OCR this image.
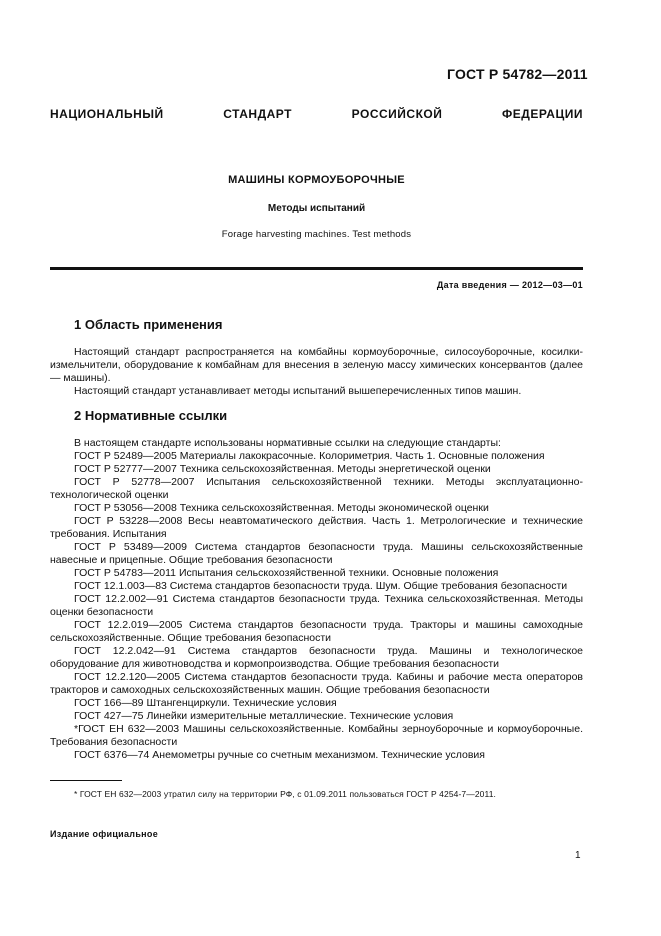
ГОСТ Р 54782—2011
НАЦИОНАЛЬНЫЙ СТАНДАРТ РОССИЙСКОЙ ФЕДЕРАЦИИ
МАШИНЫ КОРМОУБОРОЧНЫЕ
Методы испытаний
Forage harvesting machines. Test methods
Дата введения — 2012—03—01
1 Область применения

Настоящий стандарт распространяется на комбайны кормоуборочные, силосоуборочные, косилки-измельчители, оборудование к комбайнам для внесения в зеленую массу химических консервантов (далее — машины).

Настоящий стандарт устанавливает методы испытаний вышеперечисленных типов машин.

2 Нормативные ссылки

В настоящем стандарте использованы нормативные ссылки на следующие стандарты:

ГОСТ Р 52489—2005 Материалы лакокрасочные. Колориметрия. Часть 1. Основные положения
ГОСТ Р 52777—2007 Техника сельскохозяйственная. Методы энергетической оценки
ГОСТ Р 52778—2007 Испытания сельскохозяйственной техники. Методы эксплуатационно-технологической оценки
ГОСТ Р 53056—2008 Техника сельскохозяйственная. Методы экономической оценки
ГОСТ Р 53228—2008 Весы неавтоматического действия. Часть 1. Метрологические и технические требования. Испытания
ГОСТ Р 53489—2009 Система стандартов безопасности труда. Машины сельскохозяйственные навесные и прицепные. Общие требования безопасности
ГОСТ Р 54783—2011 Испытания сельскохозяйственной техники. Основные положения
ГОСТ 12.1.003—83 Система стандартов безопасности труда. Шум. Общие требования безопасности
ГОСТ 12.2.002—91 Система стандартов безопасности труда. Техника сельскохозяйственная. Методы оценки безопасности
ГОСТ 12.2.019—2005 Система стандартов безопасности труда. Тракторы и машины самоходные сельскохозяйственные. Общие требования безопасности
ГОСТ 12.2.042—91 Система стандартов безопасности труда. Машины и технологическое оборудование для животноводства и кормопроизводства. Общие требования безопасности
ГОСТ 12.2.120—2005 Система стандартов безопасности труда. Кабины и рабочие места операторов тракторов и самоходных сельскохозяйственных машин. Общие требования безопасности
ГОСТ 166—89 Штангенциркули. Технические условия
ГОСТ 427—75 Линейки измерительные металлические. Технические условия
*ГОСТ ЕН 632—2003 Машины сельскохозяйственные. Комбайны зерноуборочные и кормоуборочные. Требования безопасности
ГОСТ 6376—74 Анемометры ручные со счетным механизмом. Технические условия
* ГОСТ ЕН 632—2003 утратил силу на территории РФ, с 01.09.2011 пользоваться ГОСТ Р 4254-7—2011.
Издание официальное
1
